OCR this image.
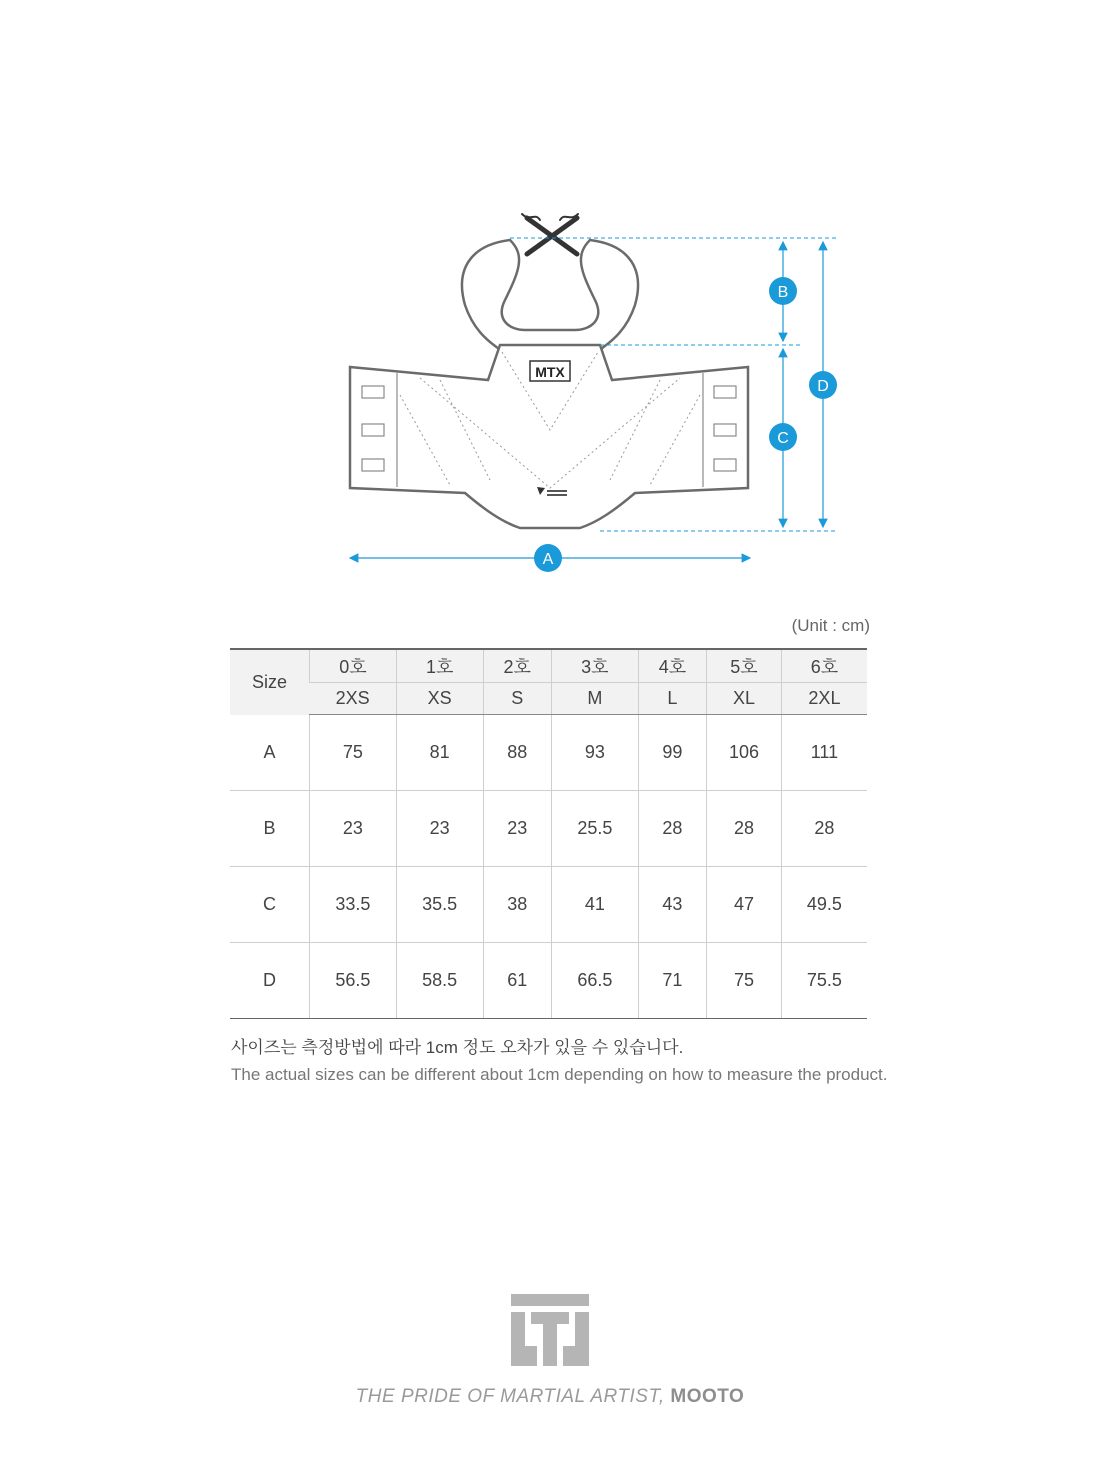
MTX
B
C
D
A
(Unit : cm)
Size	0호	1호	2호	3호	4호	5호	6호
	2XS	XS	S	M	L	XL	2XL
A	75	81	88	93	99	106	111
B	23	23	23	25.5	28	28	28
C	33.5	35.5	38	41	43	47	49.5
D	56.5	58.5	61	66.5	71	75	75.5
사이즈는 측정방법에 따라 1cm 정도 오차가 있을 수 있습니다.
The actual sizes can be different about 1cm depending on how to measure the product.
THE PRIDE OF MARTIAL ARTIST, MOOTO
